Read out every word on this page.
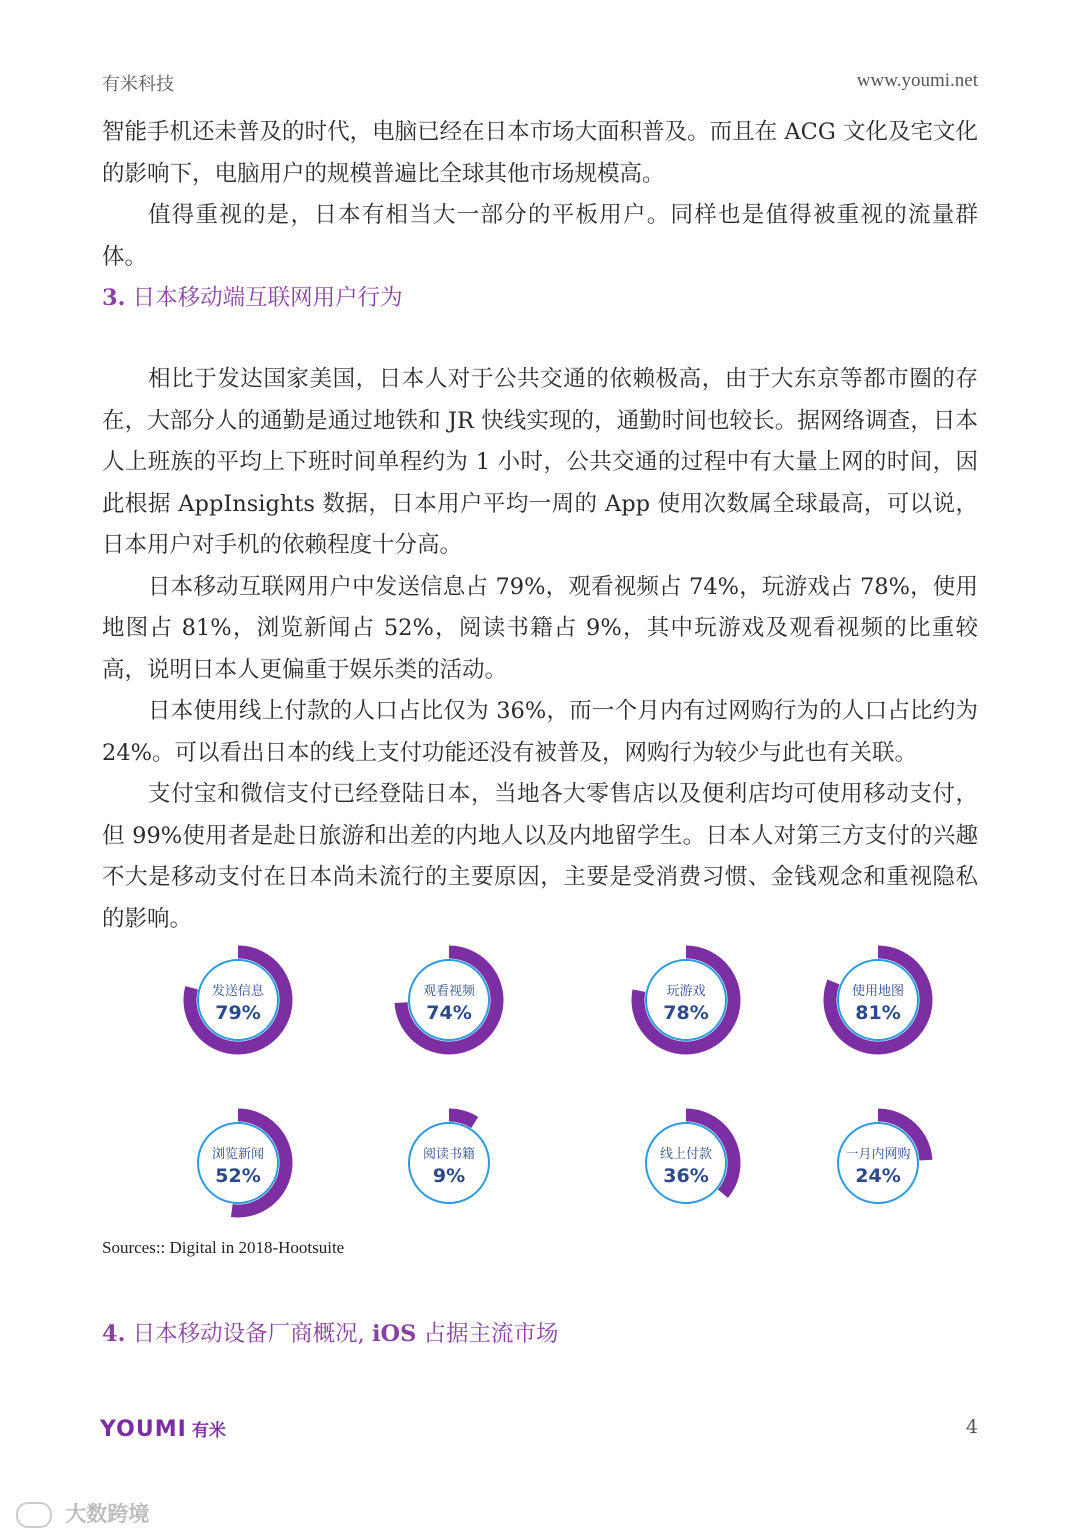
有米科技	www.youmi.net

智能手机还未普及的时代，电脑已经在日本市场大面积普及。而且在 ACG 文化及宅文化的影响下，电脑用户的规模普遍比全球其他市场规模高。

值得重视的是，日本有相当大一部分的平板用户。同样也是值得被重视的流量群体。

3. 日本移动端互联网用户行为

相比于发达国家美国，日本人对于公共交通的依赖极高，由于大东京等都市圈的存在，大部分人的通勤是通过地铁和 JR 快线实现的，通勤时间也较长。据网络调查，日本人上班族的平均上下班时间单程约为 1 小时，公共交通的过程中有大量上网的时间，因此根据 AppInsights 数据，日本用户平均一周的 App 使用次数属全球最高，可以说，日本用户对手机的依赖程度十分高。

日本移动互联网用户中发送信息占 79%，观看视频占 74%，玩游戏占 78%，使用地图占 81%，浏览新闻占 52%，阅读书籍占 9%，其中玩游戏及观看视频的比重较高，说明日本人更偏重于娱乐类的活动。

日本使用线上付款的人口占比仅为 36%，而一个月内有过网购行为的人口占比约为 24%。可以看出日本的线上支付功能还没有被普及，网购行为较少与此也有关联。

支付宝和微信支付已经登陆日本，当地各大零售店以及便利店均可使用移动支付，但 99%使用者是赴日旅游和出差的内地人以及内地留学生。日本人对第三方支付的兴趣不大是移动支付在日本尚未流行的主要原因，主要是受消费习惯、金钱观念和重视隐私的影响。

发送信息
79%
观看视频
74%
玩游戏
78%
使用地图
81%
浏览新闻
52%
阅读书籍
9%
线上付款
36%
一月内网购
24%
Sources:: Digital in 2018-Hootsuite
4. 日本移动设备厂商概况, iOS 占据主流市场
YOUMI 有米	4
大数跨境
